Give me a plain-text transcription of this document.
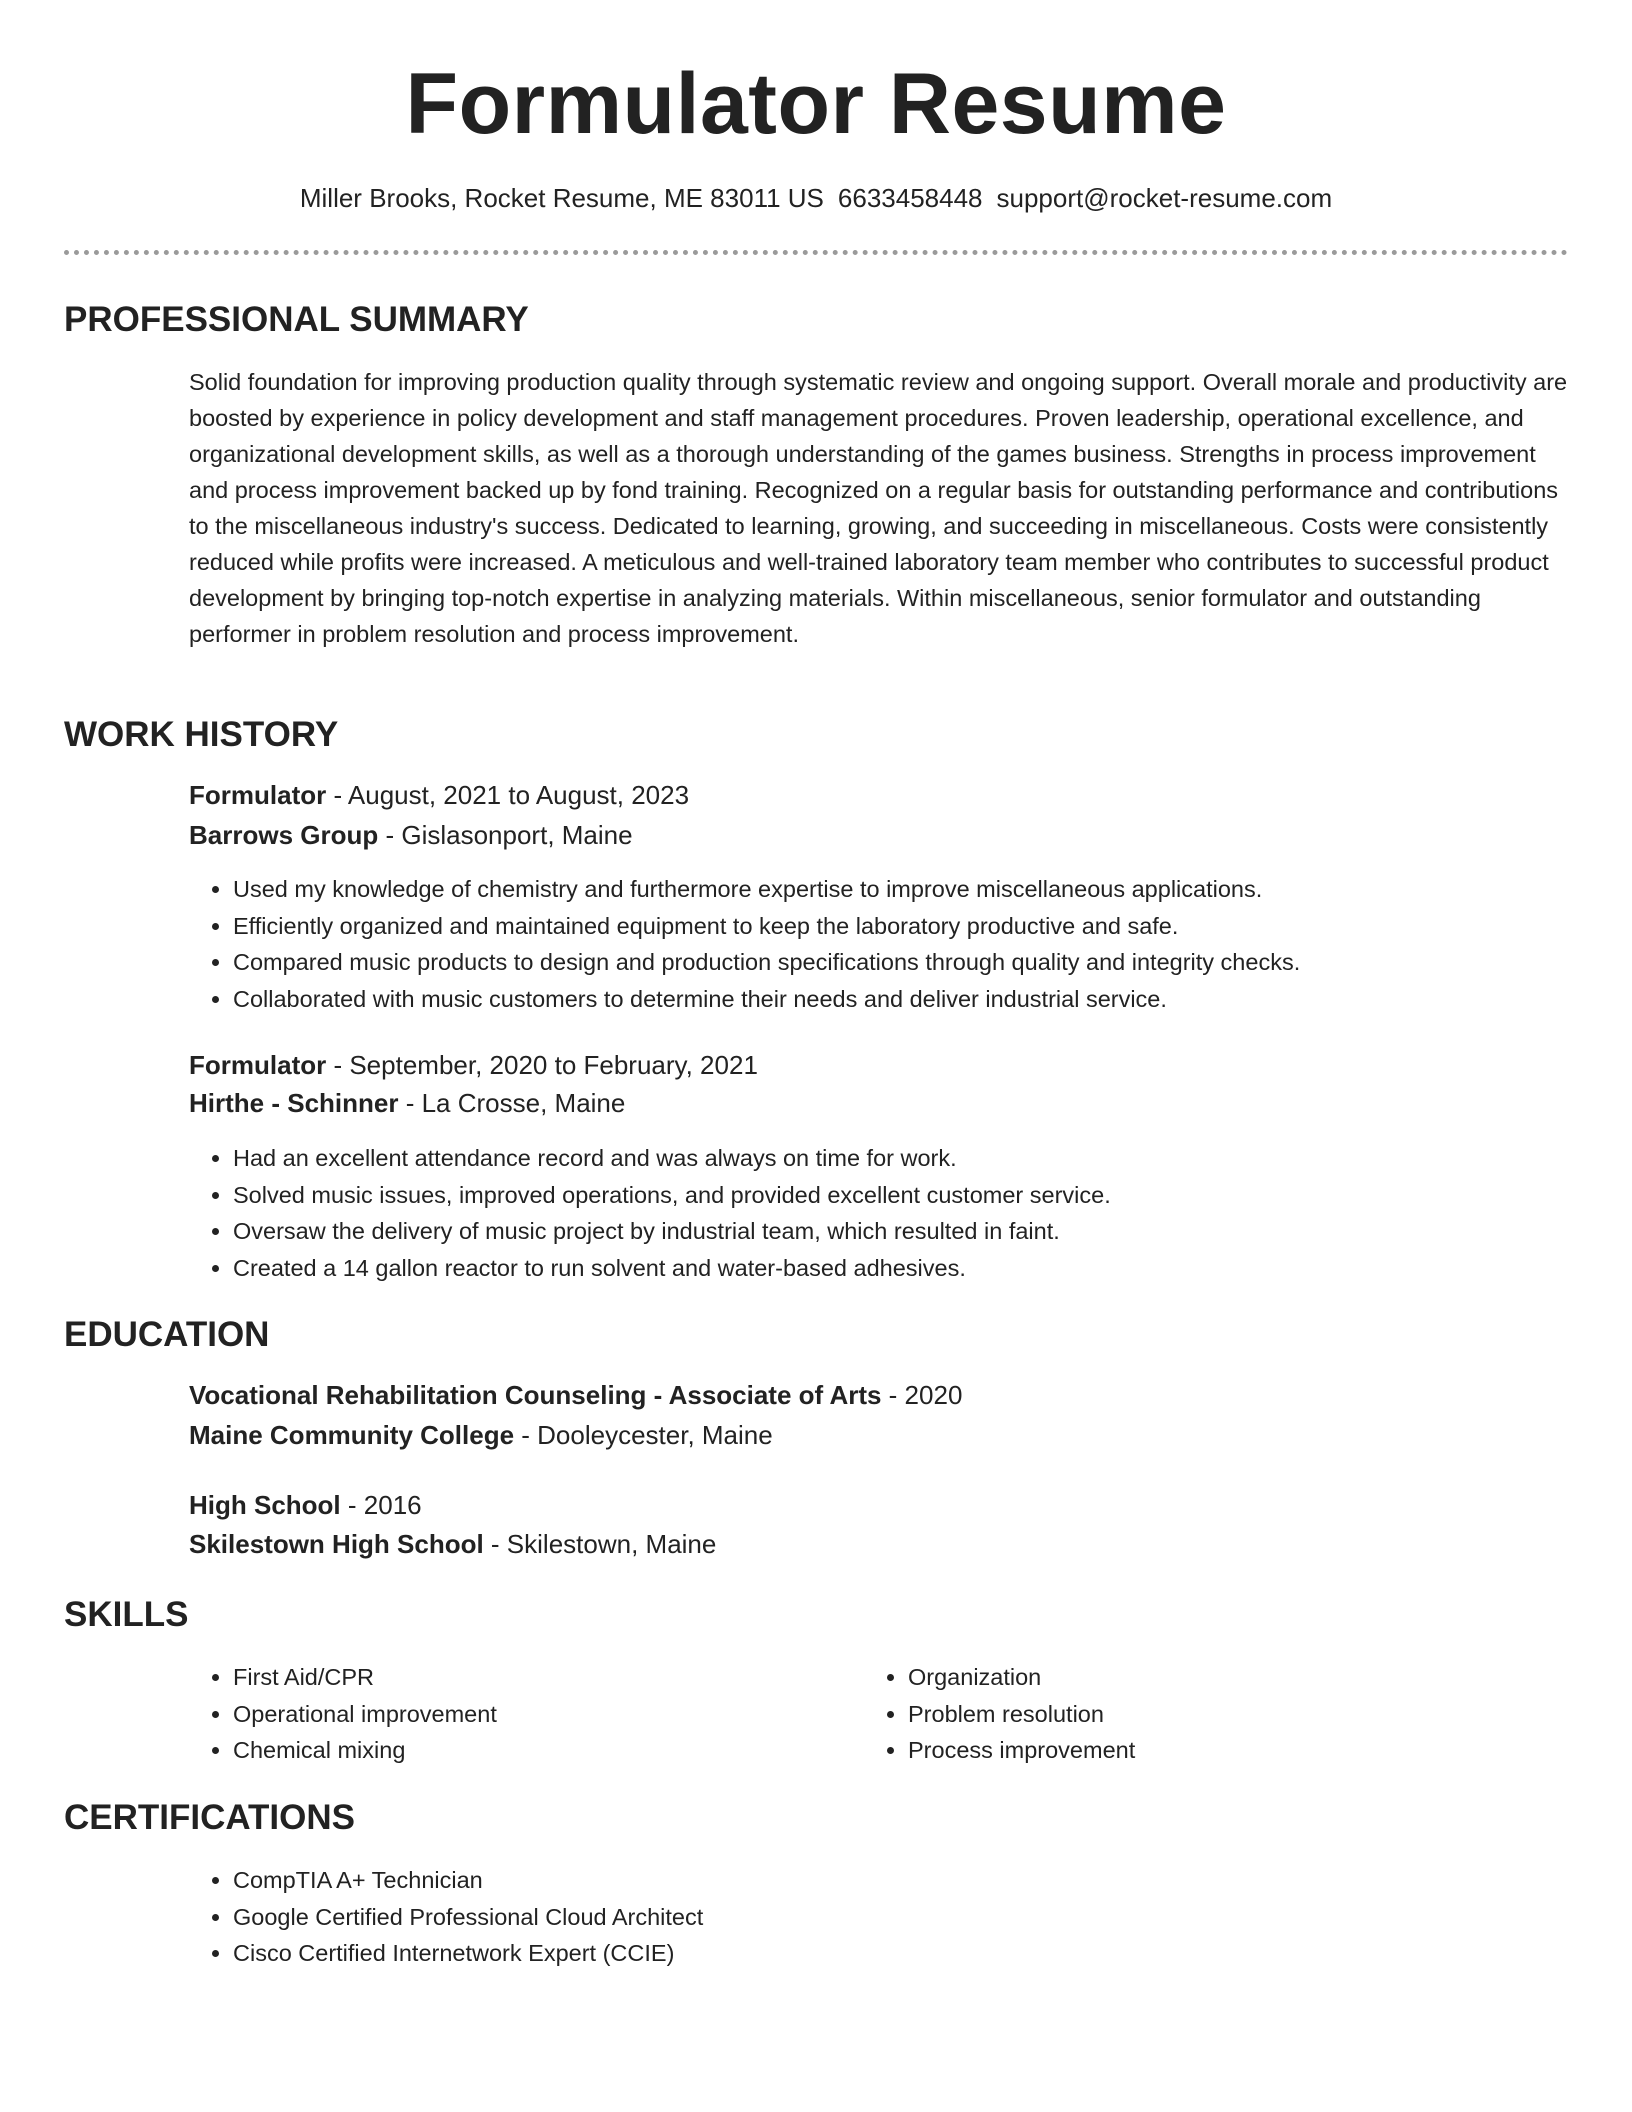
Formulator Resume
Miller Brooks, Rocket Resume, ME 83011 US 6633458448 support@rocket-resume.com
PROFESSIONAL SUMMARY
Solid foundation for improving production quality through systematic review and ongoing support. Overall morale and productivity are boosted by experience in policy development and staff management procedures. Proven leadership, operational excellence, and organizational development skills, as well as a thorough understanding of the games business. Strengths in process improvement and process improvement backed up by fond training. Recognized on a regular basis for outstanding performance and contributions to the miscellaneous industry's success. Dedicated to learning, growing, and succeeding in miscellaneous. Costs were consistently reduced while profits were increased. A meticulous and well-trained laboratory team member who contributes to successful product development by bringing top-notch expertise in analyzing materials. Within miscellaneous, senior formulator and outstanding performer in problem resolution and process improvement.
WORK HISTORY
Formulator - August, 2021 to August, 2023
Barrows Group - Gislasonport, Maine
• Used my knowledge of chemistry and furthermore expertise to improve miscellaneous applications.
• Efficiently organized and maintained equipment to keep the laboratory productive and safe.
• Compared music products to design and production specifications through quality and integrity checks.
• Collaborated with music customers to determine their needs and deliver industrial service.
Formulator - September, 2020 to February, 2021
Hirthe - Schinner - La Crosse, Maine
• Had an excellent attendance record and was always on time for work.
• Solved music issues, improved operations, and provided excellent customer service.
• Oversaw the delivery of music project by industrial team, which resulted in faint.
• Created a 14 gallon reactor to run solvent and water-based adhesives.
EDUCATION
Vocational Rehabilitation Counseling - Associate of Arts - 2020
Maine Community College - Dooleycester, Maine
High School - 2016
Skilestown High School - Skilestown, Maine
SKILLS
• First Aid/CPR
• Operational improvement
• Chemical mixing
• Organization
• Problem resolution
• Process improvement
CERTIFICATIONS
• CompTIA A+ Technician
• Google Certified Professional Cloud Architect
• Cisco Certified Internetwork Expert (CCIE)
